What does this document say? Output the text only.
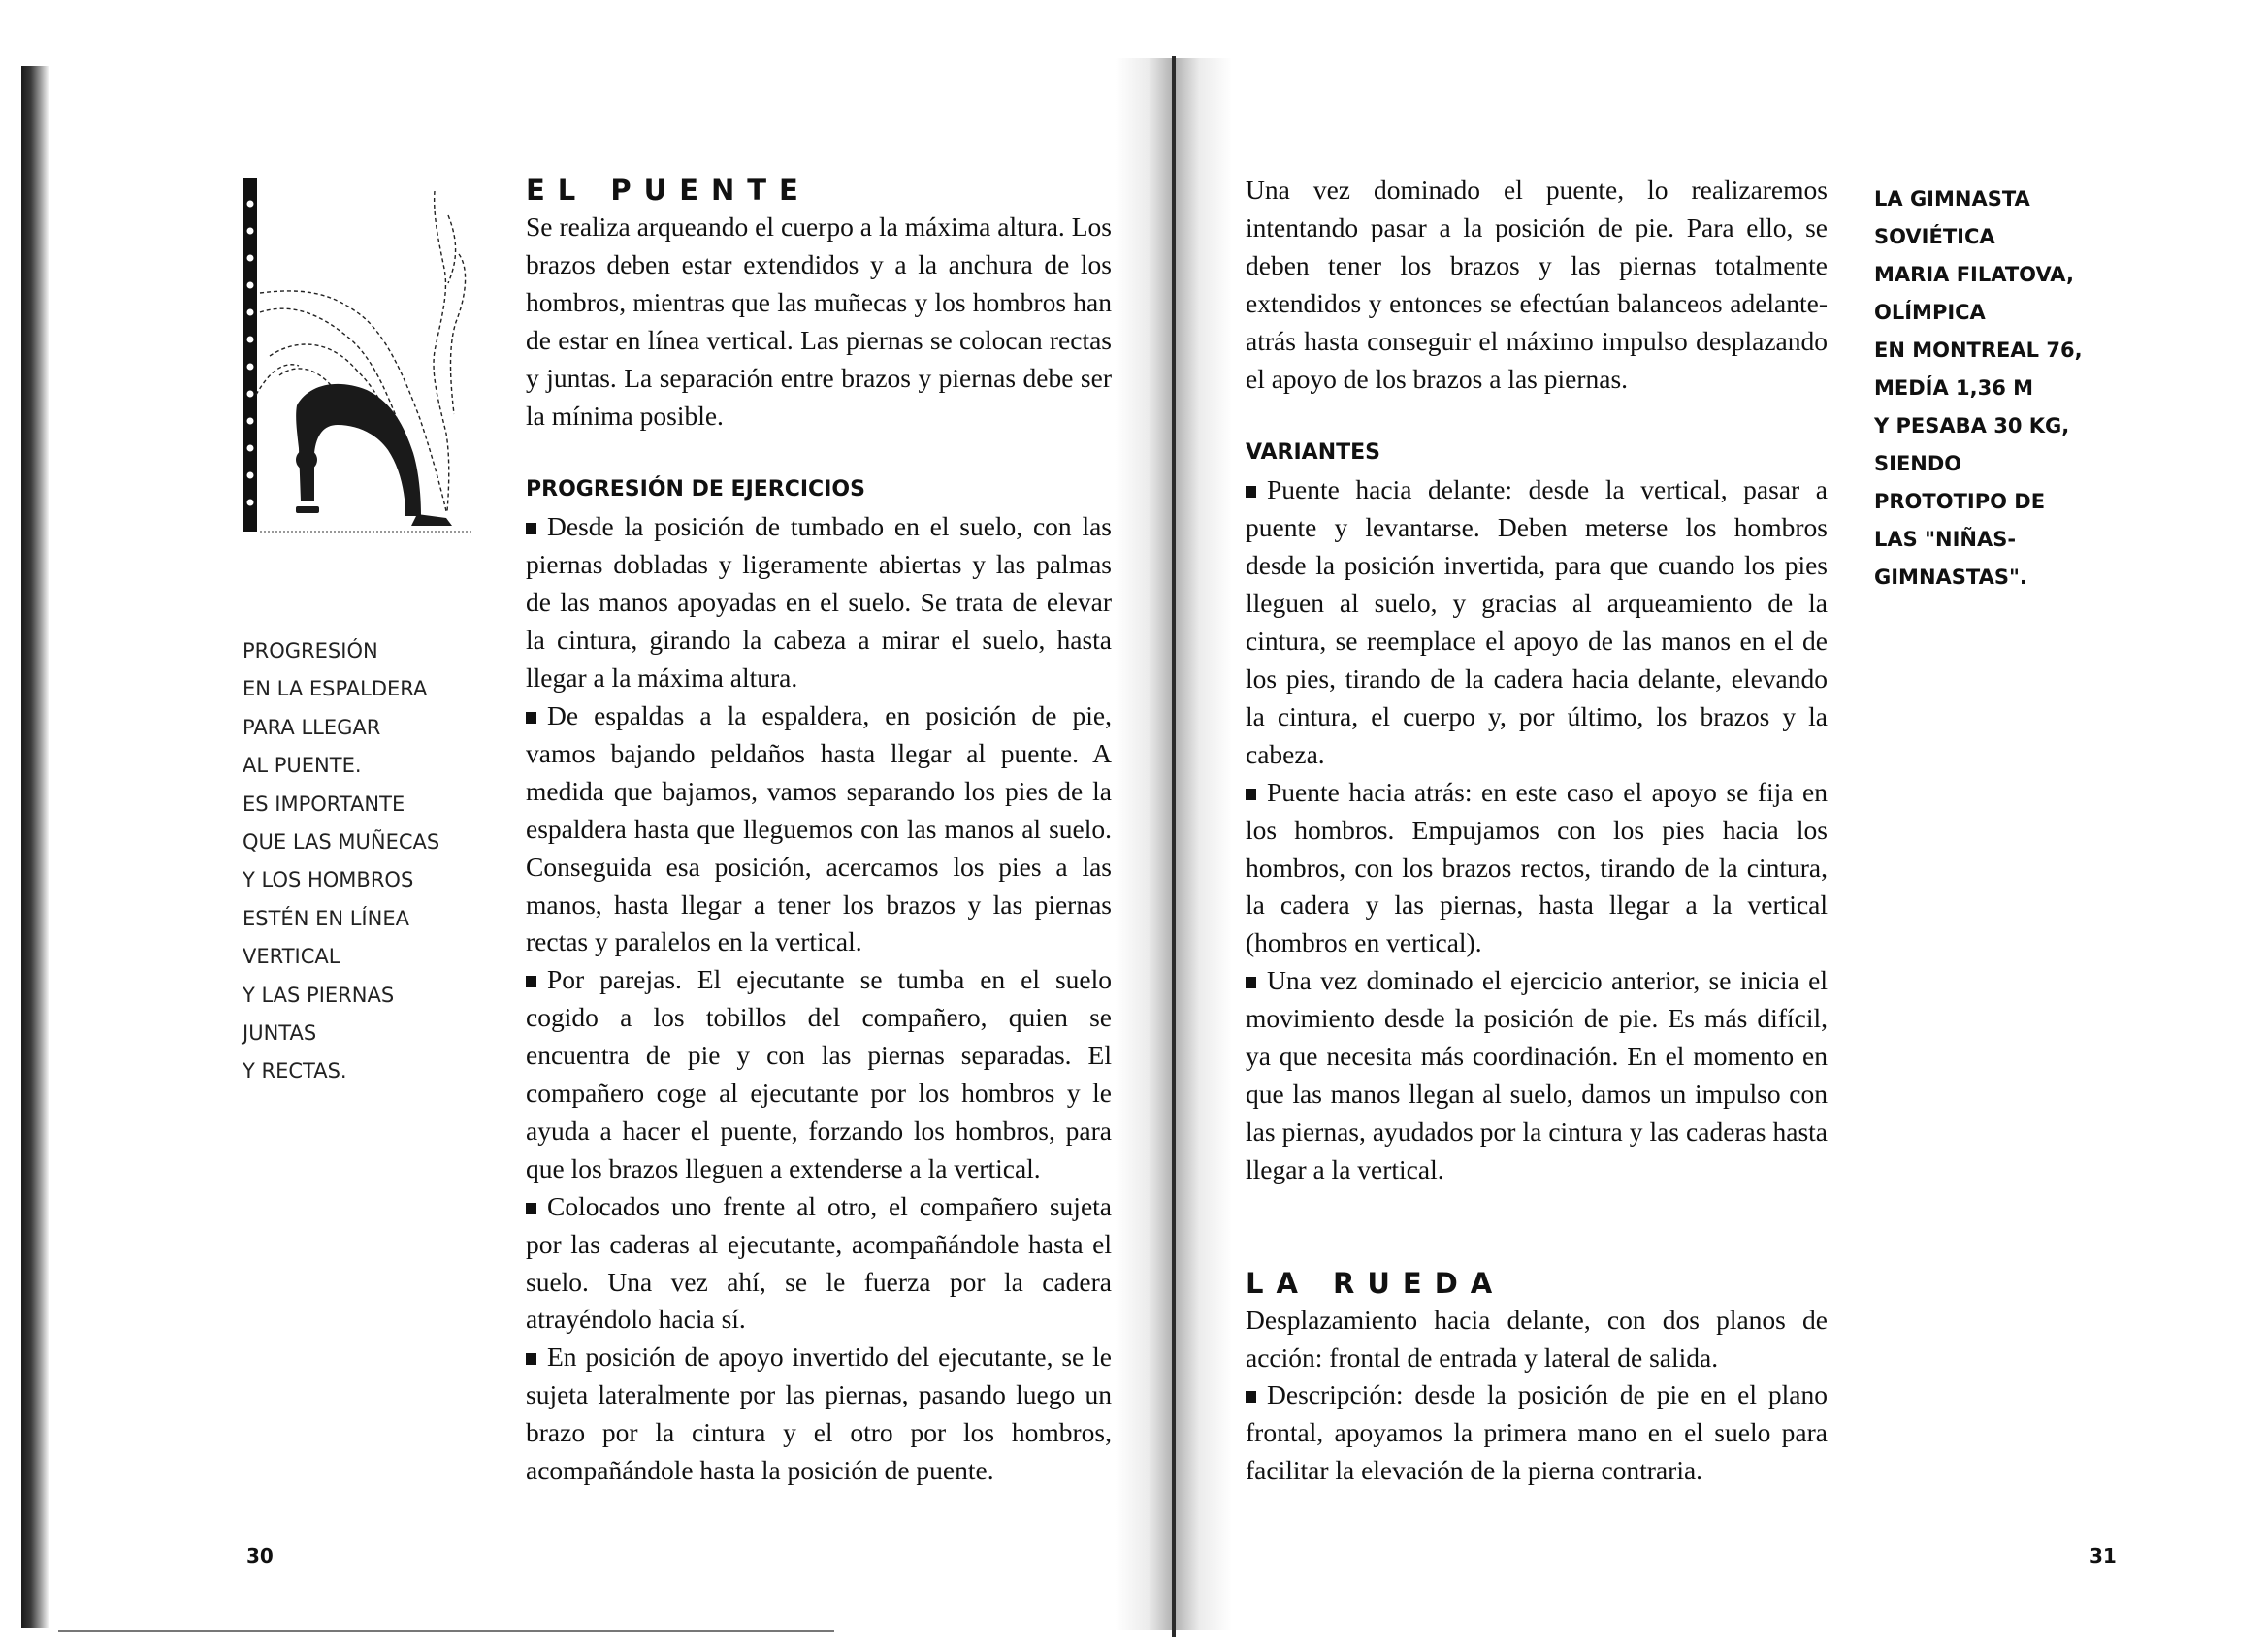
PROGRESIÓN
EN LA ESPALDERA
PARA LLEGAR
AL PUENTE.
ES IMPORTANTE
QUE LAS MUÑECAS
Y LOS HOMBROS
ESTÉN EN LÍNEA
VERTICAL
Y LAS PIERNAS
JUNTAS
Y RECTAS.
EL PUENTE

Se realiza arqueando el cuerpo a la máxima altura. Los brazos deben estar extendidos y a la anchura de los hombros, mientras que las muñecas y los hombros han de estar en línea vertical. Las piernas se colocan rectas y juntas. La separación entre brazos y piernas debe ser la mínima posible.

PROGRESIÓN DE EJERCICIOS

Desde la posición de tumbado en el suelo, con las piernas dobladas y ligeramente abiertas y las palmas de las manos apoyadas en el suelo. Se trata de elevar la cintura, girando la cabeza a mirar el suelo, hasta llegar a la máxima altura.

De espaldas a la espaldera, en posición de pie, vamos bajando peldaños hasta llegar al puente. A medida que bajamos, vamos separando los pies de la espaldera hasta que lleguemos con las manos al suelo. Conseguida esa posición, acercamos los pies a las manos, hasta llegar a tener los brazos y las piernas rectas y paralelos en la vertical.

Por parejas. El ejecutante se tumba en el suelo cogido a los tobillos del compañero, quien se encuentra de pie y con las piernas separadas. El compañero coge al ejecutante por los hombros y le ayuda a hacer el puente, forzando los hombros, para que los brazos lleguen a extenderse a la vertical.

Colocados uno frente al otro, el compañero sujeta por las caderas al ejecutante, acompañándole hasta el suelo. Una vez ahí, se le fuerza por la cadera atrayéndolo hacia sí.

En posición de apoyo invertido del ejecutante, se le sujeta lateralmente por las piernas, pasando luego un brazo por la cintura y el otro por los hombros, acompañándole hasta la posición de puente.

30

Una vez dominado el puente, lo realizaremos intentando pasar a la posición de pie. Para ello, se deben tener los brazos y las piernas totalmente extendidos y entonces se efectúan balanceos adelante-atrás hasta conseguir el máximo impulso desplazando el apoyo de los brazos a las piernas.

VARIANTES

Puente hacia delante: desde la vertical, pasar a puente y levantarse. Deben meterse los hombros desde la posición invertida, para que cuando los pies lleguen al suelo, y gracias al arqueamiento de la cintura, se reemplace el apoyo de las manos en el de los pies, tirando de la cadera hacia delante, elevando la cintura, el cuerpo y, por último, los brazos y la cabeza.

Puente hacia atrás: en este caso el apoyo se fija en los hombros. Empujamos con los pies hacia los hombros, con los brazos rectos, tirando de la cintura, la cadera y las piernas, hasta llegar a la vertical (hombros en vertical).

Una vez dominado el ejercicio anterior, se inicia el movimiento desde la posición de pie. Es más difícil, ya que necesita más coordinación. En el momento en que las manos llegan al suelo, damos un impulso con las piernas, ayudados por la cintura y las caderas hasta llegar a la vertical.

LA RUEDA

Desplazamiento hacia delante, con dos planos de acción: frontal de entrada y lateral de salida.

Descripción: desde la posición de pie en el plano frontal, apoyamos la primera mano en el suelo para facilitar la elevación de la pierna contraria.

LA GIMNASTA
SOVIÉTICA
MARIA FILATOVA,
OLÍMPICA
EN MONTREAL 76,
MEDÍA 1,36 M
Y PESABA 30 KG,
SIENDO
PROTOTIPO DE
LAS "NIÑAS-
GIMNASTAS".
31
